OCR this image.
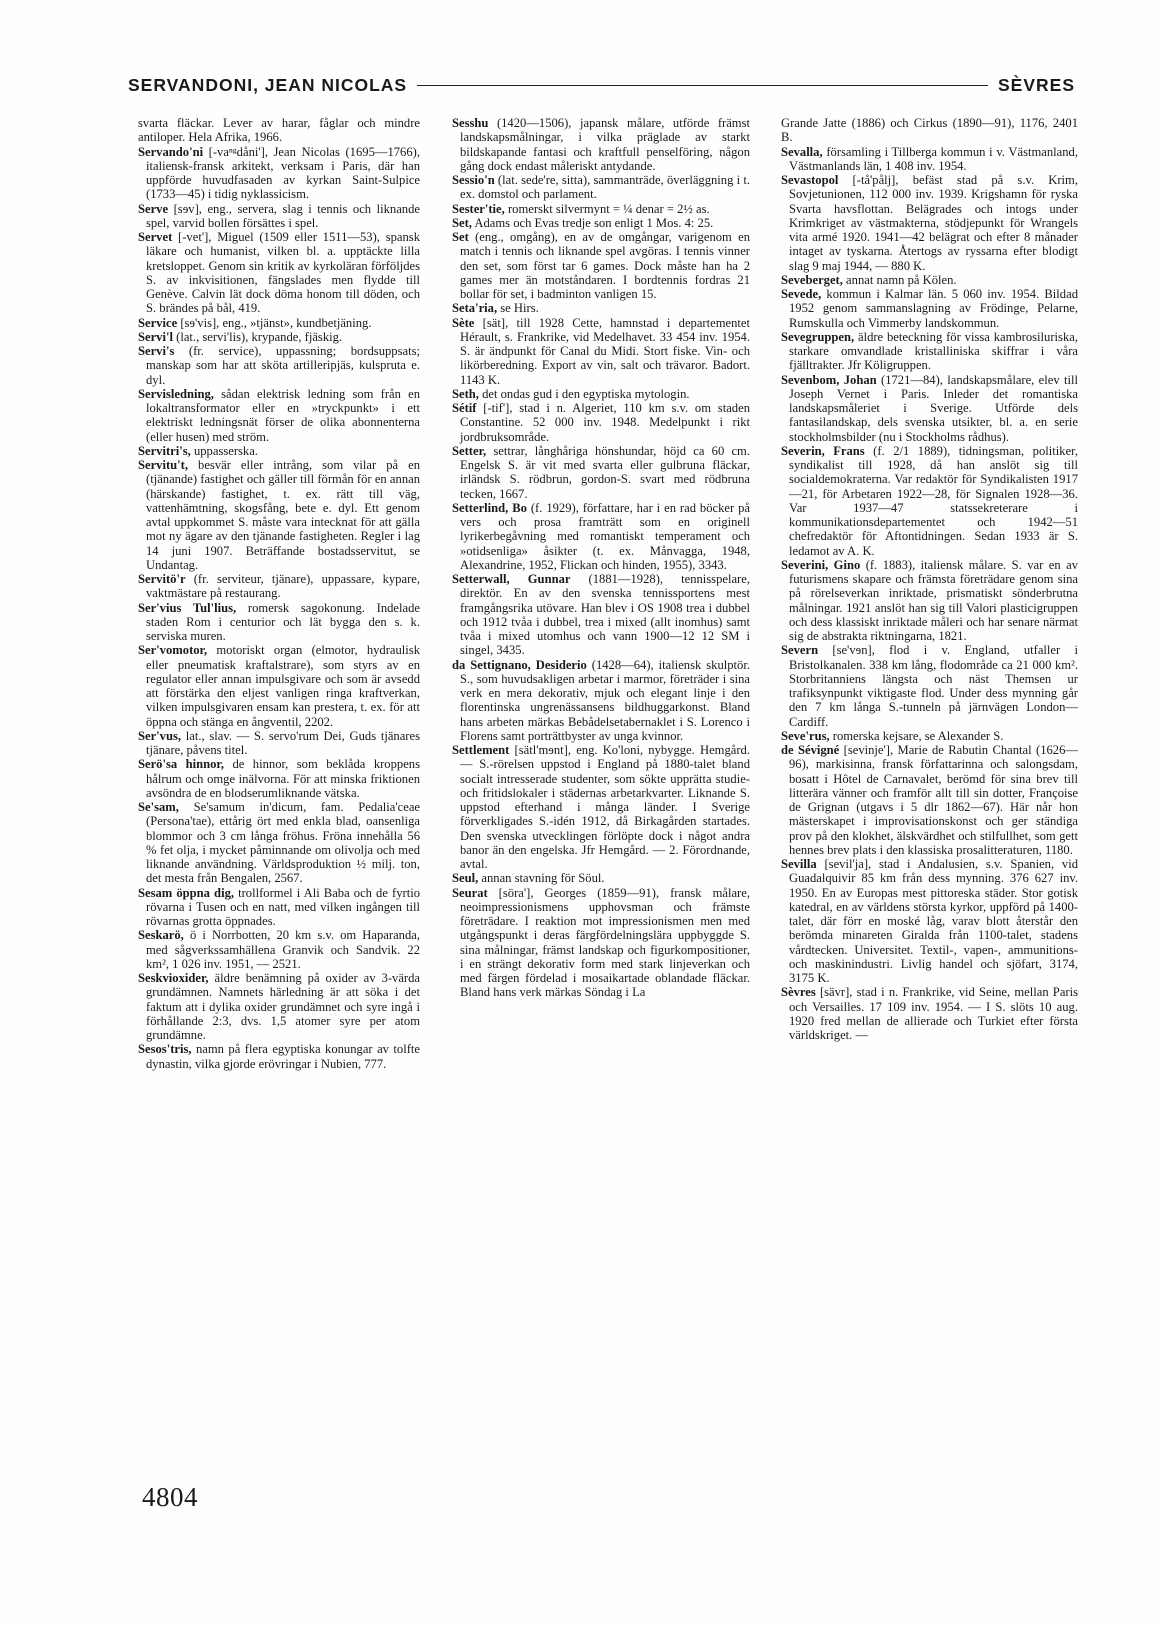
SERVANDONI, JEAN NICOLAS	SÈVRES

svarta fläckar. Lever av harar, fåglar och mindre antiloper. Hela Afrika, 1966.

Servando'ni [-vaⁿᵍdåni'], Jean Nicolas (1695—1766), italiensk-fransk arkitekt, verksam i Paris, där han uppförde huvudfasaden av kyrkan Saint-Sulpice (1733—45) i tidig nyklassicism.

Serve [sɘv], eng., servera, slag i tennis och liknande spel, varvid bollen försättes i spel.

Servet [-vet'], Miguel (1509 eller 1511—53), spansk läkare och humanist, vilken bl. a. upptäckte lilla kretsloppet. Genom sin kritik av kyrkoläran förföljdes S. av inkvisitionen, fängslades men flydde till Genève. Calvin lät dock döma honom till döden, och S. brändes på bål, 419.

Service [sɘ'vis], eng., »tjänst», kundbetjäning.

Servi'l (lat., servi'lis), krypande, fjäskig.

Servi's (fr. service), uppassning; bordsuppsats; manskap som har att sköta artilleripjäs, kulspruta e. dyl.

Servisledning, sådan elektrisk ledning som från en lokaltransformator eller en »tryckpunkt» i ett elektriskt ledningsnät förser de olika abonnenterna (eller husen) med ström.

Servitri's, uppasserska.

Servitu't, besvär eller intrång, som vilar på en (tjänande) fastighet och gäller till förmån för en annan (härskande) fastighet, t. ex. rätt till väg, vattenhämtning, skogsfång, bete e. dyl. Ett genom avtal uppkommet S. måste vara intecknat för att gälla mot ny ägare av den tjänande fastigheten. Regler i lag 14 juni 1907. Beträffande bostadsservitut, se Undantag.

Servitö'r (fr. serviteur, tjänare), uppassare, kypare, vaktmästare på restaurang.

Ser'vius Tul'lius, romersk sagokonung. Indelade staden Rom i centurior och lät bygga den s. k. serviska muren.

Ser'vomotor, motoriskt organ (elmotor, hydraulisk eller pneumatisk kraftalstrare), som styrs av en regulator eller annan impulsgivare och som är avsedd att förstärka den eljest vanligen ringa kraftverkan, vilken impulsgivaren ensam kan prestera, t. ex. för att öppna och stänga en ångventil, 2202.

Ser'vus, lat., slav. — S. servo'rum Dei, Guds tjänares tjänare, påvens titel.

Serö'sa hinnor, de hinnor, som beklåda kroppens hålrum och omge inälvorna. För att minska friktionen avsöndra de en blodserumliknande vätska.

Se'sam, Se'samum in'dicum, fam. Pedalia'ceae (Persona'tae), ettårig ört med enkla blad, oansenliga blommor och 3 cm långa fröhus. Fröna innehålla 56 % fet olja, i mycket påminnande om olivolja och med liknande användning. Världsproduktion ½ milj. ton, det mesta från Bengalen, 2567.

Sesam öppna dig, trollformel i Ali Baba och de fyrtio rövarna i Tusen och en natt, med vilken ingången till rövarnas grotta öppnades.

Seskarö, ö i Norrbotten, 20 km s.v. om Haparanda, med sågverkssamhällena Granvik och Sandvik. 22 km², 1 026 inv. 1951, — 2521.

Seskvioxider, äldre benämning på oxider av 3-värda grundämnen. Namnets härledning är att söka i det faktum att i dylika oxider grundämnet och syre ingå i förhållande 2:3, dvs. 1,5 atomer syre per atom grundämne.

Sesos'tris, namn på flera egyptiska konungar av tolfte dynastin, vilka gjorde erövringar i Nubien, 777.

Sesshu (1420—1506), japansk målare, utförde främst landskapsmålningar, i vilka präglade av starkt bildskapande fantasi och kraftfull penselföring, någon gång dock endast måleriskt antydande.

Sessio'n (lat. sede're, sitta), sammanträde, överläggning i t. ex. domstol och parlament.

Sester'tie, romerskt silvermynt = ¼ denar = 2½ as.

Set, Adams och Evas tredje son enligt 1 Mos. 4: 25.

Set (eng., omgång), en av de omgångar, varigenom en match i tennis och liknande spel avgöras. I tennis vinner den set, som först tar 6 games. Dock måste han ha 2 games mer än motståndaren. I bordtennis fordras 21 bollar för set, i badminton vanligen 15.

Seta'ria, se Hirs.

Sète [sät], till 1928 Cette, hamnstad i departementet Hérault, s. Frankrike, vid Medelhavet. 33 454 inv. 1954. S. är ändpunkt för Canal du Midi. Stort fiske. Vin- och likörberedning. Export av vin, salt och trävaror. Badort. 1143 K.

Seth, det ondas gud i den egyptiska mytologin.

Sétif [-tif'], stad i n. Algeriet, 110 km s.v. om staden Constantine. 52 000 inv. 1948. Medelpunkt i rikt jordbruksområde.

Setter, settrar, långhåriga hönshundar, höjd ca 60 cm. Engelsk S. är vit med svarta eller gulbruna fläckar, irländsk S. rödbrun, gordon-S. svart med rödbruna tecken, 1667.

Setterlind, Bo (f. 1929), författare, har i en rad böcker på vers och prosa framträtt som en originell lyrikerbegåvning med romantiskt temperament och »otidsenliga» åsikter (t. ex. Månvagga, 1948, Alexandrine, 1952, Flickan och hinden, 1955), 3343.

Setterwall, Gunnar (1881—1928), tennisspelare, direktör. En av den svenska tennissportens mest framgångsrika utövare. Han blev i OS 1908 trea i dubbel och 1912 tvåa i dubbel, trea i mixed (allt inomhus) samt tvåa i mixed utomhus och vann 1900—12 12 SM i singel, 3435.

da Settignano, Desiderio (1428—64), italiensk skulptör. S., som huvudsakligen arbetar i marmor, företräder i sina verk en mera dekorativ, mjuk och elegant linje i den florentinska ungrenässansens bildhuggarkonst. Bland hans arbeten märkas Bebådelsetabernaklet i S. Lorenco i Florens samt porträttbyster av unga kvinnor.

Settlement [sätl'mɘnt], eng. Ko'loni, nybygge. Hemgård. — S.-rörelsen uppstod i England på 1880-talet bland socialt intresserade studenter, som sökte upprätta studie- och fritidslokaler i städernas arbetarkvarter. Liknande S. uppstod efterhand i många länder. I Sverige förverkligades S.-idén 1912, då Birkagården startades. Den svenska utvecklingen förlöpte dock i något andra banor än den engelska. Jfr Hemgård. — 2. Förordnande, avtal.

Seul, annan stavning för Söul.

Seurat [söra'], Georges (1859—91), fransk målare, neoimpressionismens upphovsman och främste företrädare. I reaktion mot impressionismen men med utgångspunkt i deras färgfördelningslära uppbyggde S. sina målningar, främst landskap och figurkompositioner, i en strängt dekorativ form med stark linjeverkan och med färgen fördelad i mosaikartade oblandade fläckar. Bland hans verk märkas Söndag i La

Grande Jatte (1886) och Cirkus (1890—91), 1176, 2401 B.

Sevalla, församling i Tillberga kommun i v. Västmanland, Västmanlands län, 1 408 inv. 1954.

Sevastopol [-tå'pålj], befäst stad på s.v. Krim, Sovjetunionen, 112 000 inv. 1939. Krigshamn för ryska Svarta havsflottan. Belägrades och intogs under Krimkriget av västmakterna, stödjepunkt för Wrangels vita armé 1920. 1941—42 belägrat och efter 8 månader intaget av tyskarna. Återtogs av ryssarna efter blodigt slag 9 maj 1944, — 880 K.

Seveberget, annat namn på Kölen.

Sevede, kommun i Kalmar län. 5 060 inv. 1954. Bildad 1952 genom sammanslagning av Frödinge, Pelarne, Rumskulla och Vimmerby landskommun.

Sevegruppen, äldre beteckning för vissa kambrosiluriska, starkare omvandlade kristalliniska skiffrar i våra fjälltrakter. Jfr Köligruppen.

Sevenbom, Johan (1721—84), landskapsmålare, elev till Joseph Vernet i Paris. Inleder det romantiska landskapsmåleriet i Sverige. Utförde dels fantasilandskap, dels svenska utsikter, bl. a. en serie stockholmsbilder (nu i Stockholms rådhus).

Severin, Frans (f. 2/1 1889), tidningsman, politiker, syndikalist till 1928, då han anslöt sig till socialdemokraterna. Var redaktör för Syndikalisten 1917—21, för Arbetaren 1922—28, för Signalen 1928—36. Var 1937—47 statssekreterare i kommunikationsdepartementet och 1942—51 chefredaktör för Aftontidningen. Sedan 1933 är S. ledamot av A. K.

Severini, Gino (f. 1883), italiensk målare. S. var en av futurismens skapare och främsta företrädare genom sina på rörelseverkan inriktade, prismatiskt sönderbrutna målningar. 1921 anslöt han sig till Valori plasticigruppen och dess klassiskt inriktade måleri och har senare närmat sig de abstrakta riktningarna, 1821.

Severn [se'vɘn], flod i v. England, utfaller i Bristolkanalen. 338 km lång, flodområde ca 21 000 km². Storbritanniens längsta och näst Themsen ur trafiksynpunkt viktigaste flod. Under dess mynning går den 7 km långa S.-tunneln på järnvägen London—Cardiff.

Seve'rus, romerska kejsare, se Alexander S.

de Sévigné [sevinje'], Marie de Rabutin Chantal (1626—96), markisinna, fransk författarinna och salongsdam, bosatt i Hôtel de Carnavalet, berömd för sina brev till litterära vänner och framför allt till sin dotter, Françoise de Grignan (utgavs i 5 dlr 1862—67). Här når hon mästerskapet i improvisationskonst och ger ständiga prov på den klokhet, älskvärdhet och stilfullhet, som gett hennes brev plats i den klassiska prosalitteraturen, 1180.

Sevilla [sevil'ja], stad i Andalusien, s.v. Spanien, vid Guadalquivir 85 km från dess mynning. 376 627 inv. 1950. En av Europas mest pittoreska städer. Stor gotisk katedral, en av världens största kyrkor, uppförd på 1400-talet, där förr en moské låg, varav blott återstår den berömda minareten Giralda från 1100-talet, stadens vårdtecken. Universitet. Textil-, vapen-, ammunitions- och maskinindustri. Livlig handel och sjöfart, 3174, 3175 K.

Sèvres [sävr], stad i n. Frankrike, vid Seine, mellan Paris och Versailles. 17 109 inv. 1954. — I S. slöts 10 aug. 1920 fred mellan de allierade och Turkiet efter första världskriget. —

4804
